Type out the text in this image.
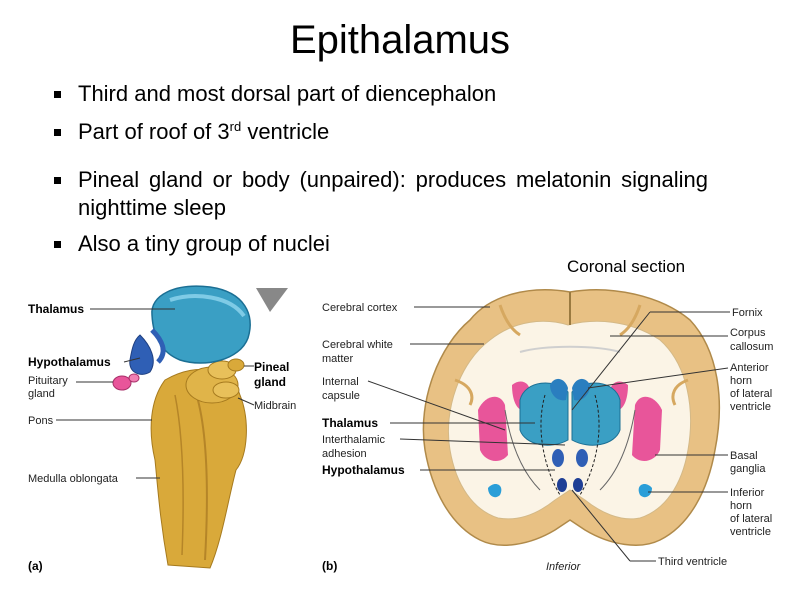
Epithalamus
Third and most dorsal part of diencephalon
Part of roof of 3rd ventricle
Pineal gland or body (unpaired): produces melatonin signaling nighttime sleep
Also a tiny group of nuclei
Coronal section
Thalamus
Hypothalamus
Pituitary
gland
Pons
Medulla oblongata
Pineal
gland
Midbrain
(a)
Cerebral cortex
Cerebral white
matter
Internal
capsule
Thalamus
Interthalamic
adhesion
Hypothalamus
Fornix
Corpus
callosum
Anterior
horn
of lateral
ventricle
Basal
ganglia
Inferior
horn
of lateral
ventricle
Third ventricle
(b)	Inferior
